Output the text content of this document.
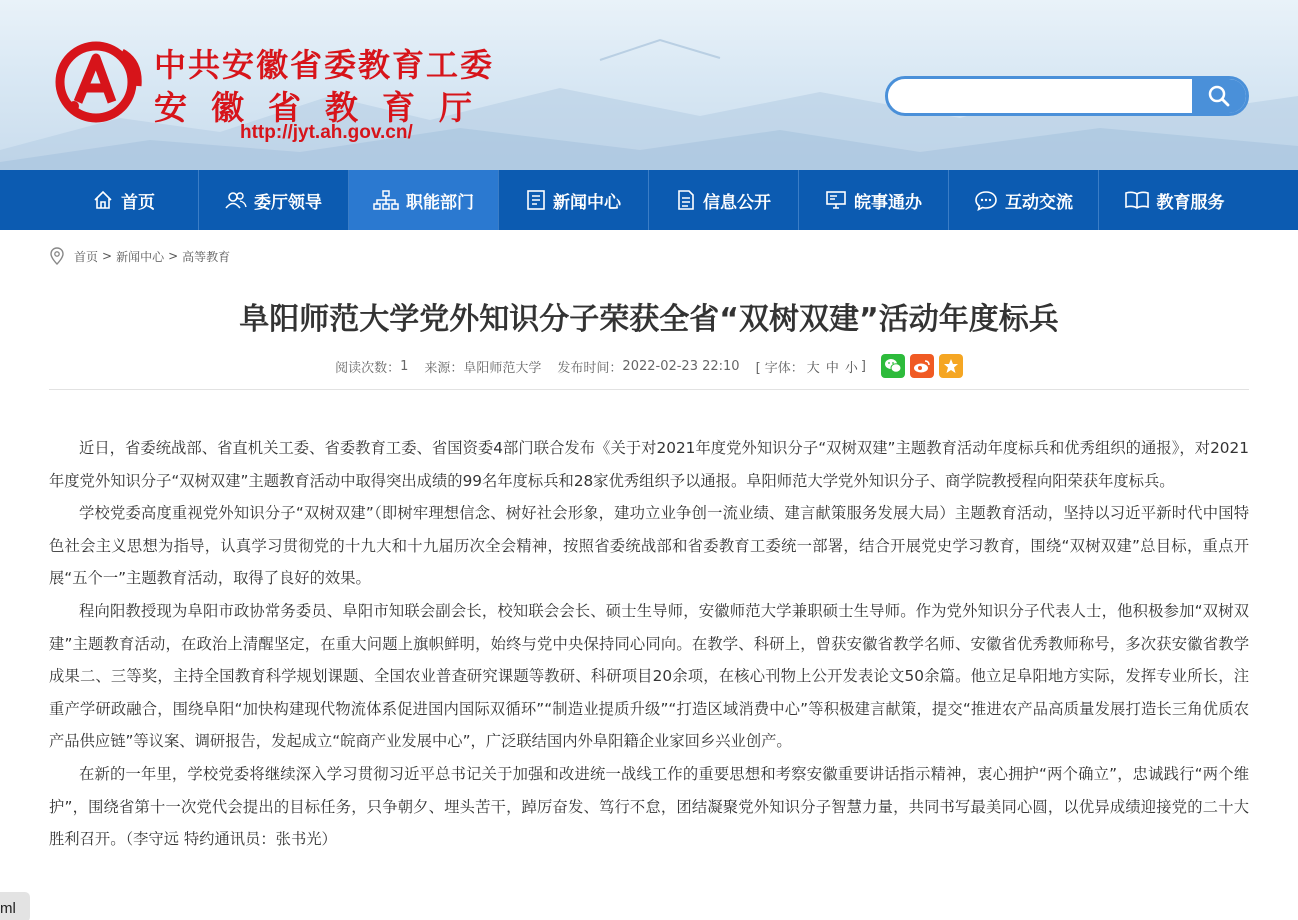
中共安徽省委教育工委
安徽省教育厅
http://jyt.ah.gov.cn/
首页	委厅领导	职能部门	新闻中心	信息公开	皖事通办	互动交流	教育服务
首页 > 新闻中心 > 高等教育
阜阳师范大学党外知识分子荣获全省“双树双建”活动年度标兵
阅读次数： 1 来源： 阜阳师范大学 发布时间： 2022-02-23 22:10 [ 字体： 大 中 小 ]

近日，省委统战部、省直机关工委、省委教育工委、省国资委4部门联合发布《关于对2021年度党外知识分子“双树双建”主题教育活动年度标兵和优秀组织的通报》，对2021年度党外知识分子“双树双建”主题教育活动中取得突出成绩的99名年度标兵和28家优秀组织予以通报。阜阳师范大学党外知识分子、商学院教授程向阳荣获年度标兵。

学校党委高度重视党外知识分子“双树双建”（即树牢理想信念、树好社会形象，建功立业争创一流业绩、建言献策服务发展大局）主题教育活动，坚持以习近平新时代中国特色社会主义思想为指导，认真学习贯彻党的十九大和十九届历次全会精神，按照省委统战部和省委教育工委统一部署，结合开展党史学习教育，围绕“双树双建”总目标，重点开展“五个一”主题教育活动，取得了良好的效果。

程向阳教授现为阜阳市政协常务委员、阜阳市知联会副会长，校知联会会长、硕士生导师，安徽师范大学兼职硕士生导师。作为党外知识分子代表人士，他积极参加“双树双建”主题教育活动，在政治上清醒坚定，在重大问题上旗帜鲜明，始终与党中央保持同心同向。在教学、科研上，曾获安徽省教学名师、安徽省优秀教师称号，多次获安徽省教学成果二、三等奖，主持全国教育科学规划课题、全国农业普查研究课题等教研、科研项目20余项，在核心刊物上公开发表论文50余篇。他立足阜阳地方实际，发挥专业所长，注重产学研政融合，围绕阜阳“加快构建现代物流体系促进国内国际双循环”“制造业提质升级”“打造区域消费中心”等积极建言献策，提交“推进农产品高质量发展打造长三角优质农产品供应链”等议案、调研报告，发起成立“皖商产业发展中心”，广泛联结国内外阜阳籍企业家回乡兴业创产。

在新的一年里，学校党委将继续深入学习贯彻习近平总书记关于加强和改进统一战线工作的重要思想和考察安徽重要讲话指示精神，衷心拥护“两个确立”，忠诚践行“两个维护”，围绕省第十一次党代会提出的目标任务，只争朝夕、埋头苦干，踔厉奋发、笃行不怠，团结凝聚党外知识分子智慧力量，共同书写最美同心圆，以优异成绩迎接党的二十大胜利召开。（李守远 特约通讯员：张书光）

ml
